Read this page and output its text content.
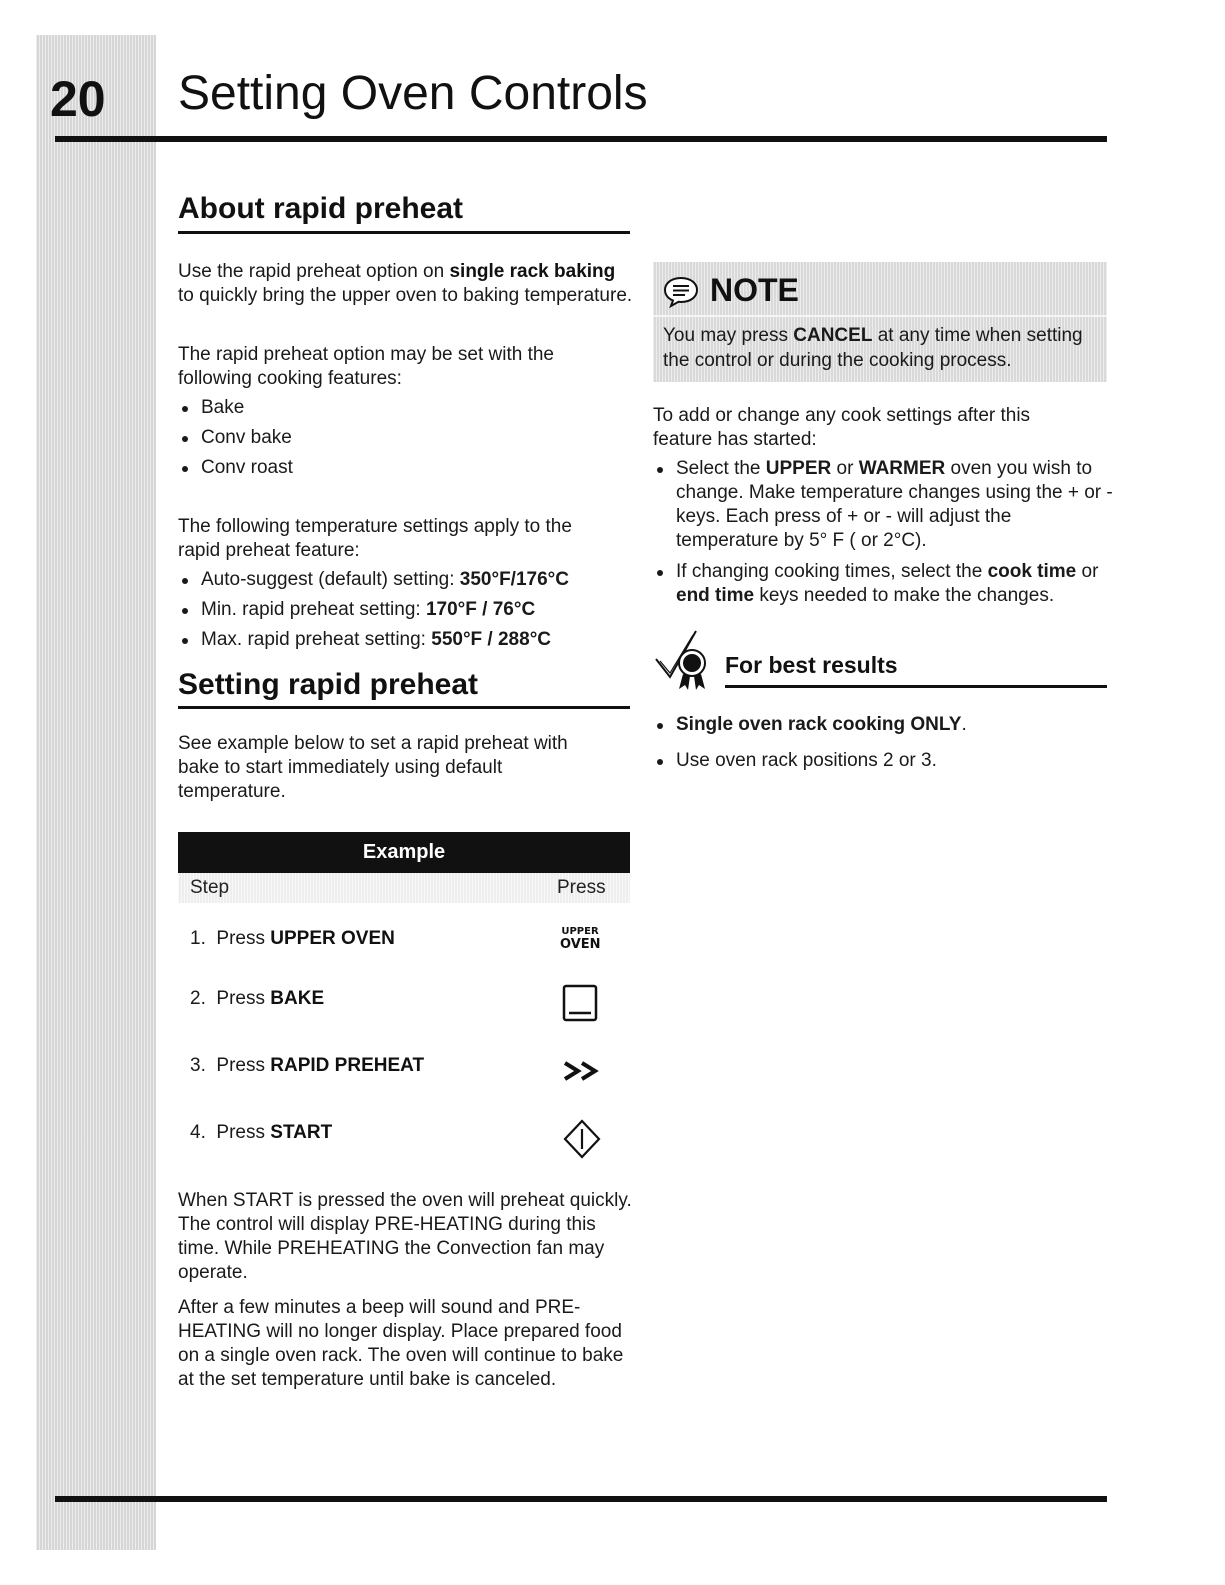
20 Setting Oven Controls
About rapid preheat
Use the rapid preheat option on single rack baking to quickly bring the upper oven to baking temperature.
The rapid preheat option may be set with the following cooking features:
Bake
Conv bake
Conv roast
The following temperature settings apply to the rapid preheat feature:
Auto-suggest (default) setting: 350°F/176°C
Min. rapid preheat setting: 170°F / 76°C
Max. rapid preheat setting: 550°F / 288°C
Setting rapid preheat
See example below to set a rapid preheat with bake to start immediately using default temperature.
Example
Step	Press
1. Press UPPER OVEN	UPPER
OVEN
2. Press BAKE
3. Press RAPID PREHEAT
4. Press START
When START is pressed the oven will preheat quickly. The control will display PRE-HEATING during this time. While PREHEATING the Convection fan may operate.
After a few minutes a beep will sound and PRE-HEATING will no longer display. Place prepared food on a single oven rack. The oven will continue to bake at the set temperature until bake is canceled.
NOTE
You may press CANCEL at any time when setting the control or during the cooking process.
To add or change any cook settings after this feature has started:
Select the UPPER or WARMER oven you wish to change. Make temperature changes using the + or - keys. Each press of + or - will adjust the temperature by 5° F ( or 2°C).
If changing cooking times, select the cook time or end time keys needed to make the changes.
For best results
Single oven rack cooking ONLY.
Use oven rack positions 2 or 3.
